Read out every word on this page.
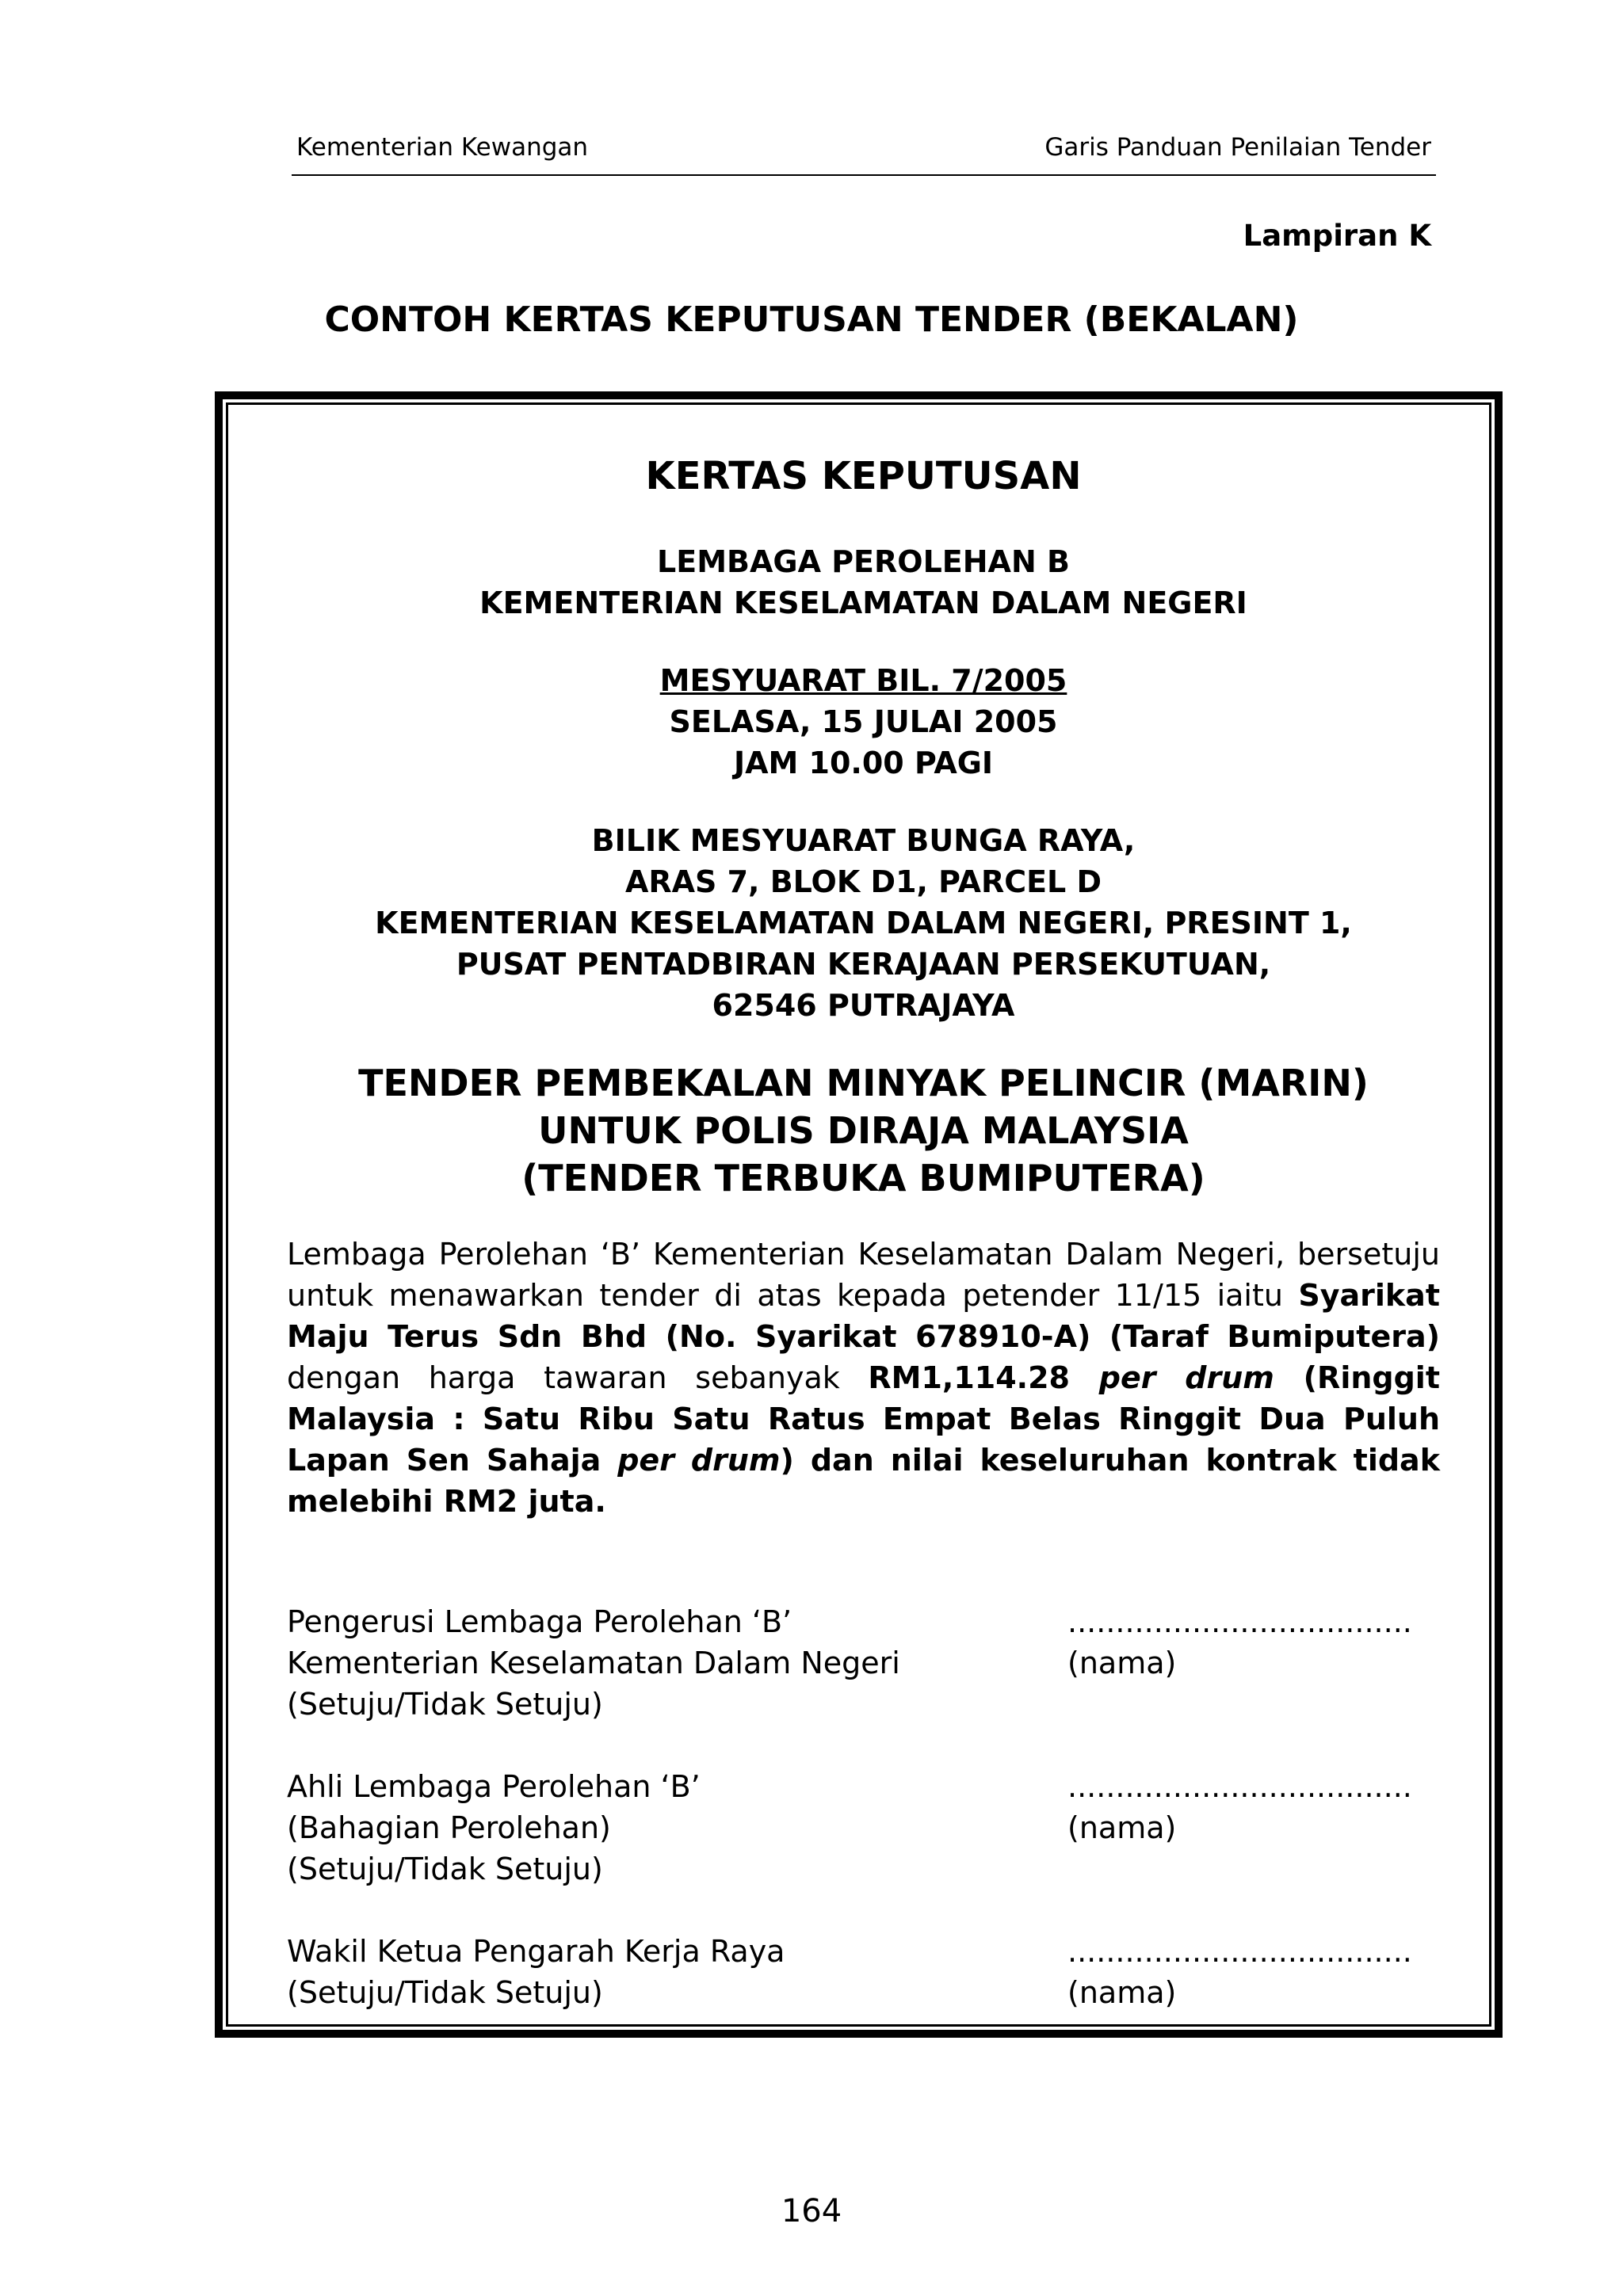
Kementerian Kewangan	Garis Panduan Penilaian Tender
Lampiran K
CONTOH KERTAS KEPUTUSAN TENDER (BEKALAN)
KERTAS KEPUTUSAN
LEMBAGA PEROLEHAN B
KEMENTERIAN KESELAMATAN DALAM NEGERI
MESYUARAT BIL. 7/2005
SELASA, 15 JULAI 2005
JAM 10.00 PAGI
BILIK MESYUARAT BUNGA RAYA,
ARAS 7, BLOK D1, PARCEL D
KEMENTERIAN KESELAMATAN DALAM NEGERI, PRESINT 1,
PUSAT PENTADBIRAN KERAJAAN PERSEKUTUAN,
62546 PUTRAJAYA
TENDER PEMBEKALAN MINYAK PELINCIR (MARIN)
UNTUK POLIS DIRAJA MALAYSIA
(TENDER TERBUKA BUMIPUTERA)
Lembaga Perolehan ‘B’ Kementerian Keselamatan Dalam Negeri, bersetuju untuk menawarkan tender di atas kepada petender 11/15 iaitu Syarikat Maju Terus Sdn Bhd (No. Syarikat 678910-A) (Taraf Bumiputera) dengan harga tawaran sebanyak RM1,114.28 per drum (Ringgit Malaysia : Satu Ribu Satu Ratus Empat Belas Ringgit Dua Puluh Lapan Sen Sahaja per drum) dan nilai keseluruhan kontrak tidak melebihi RM2 juta.
Pengerusi Lembaga Perolehan ‘B’
Kementerian Keselamatan Dalam Negeri
(Setuju/Tidak Setuju)
....................................
(nama)
Ahli Lembaga Perolehan ‘B’
(Bahagian Perolehan)
(Setuju/Tidak Setuju)
....................................
(nama)
Wakil Ketua Pengarah Kerja Raya
(Setuju/Tidak Setuju)
....................................
(nama)
164
